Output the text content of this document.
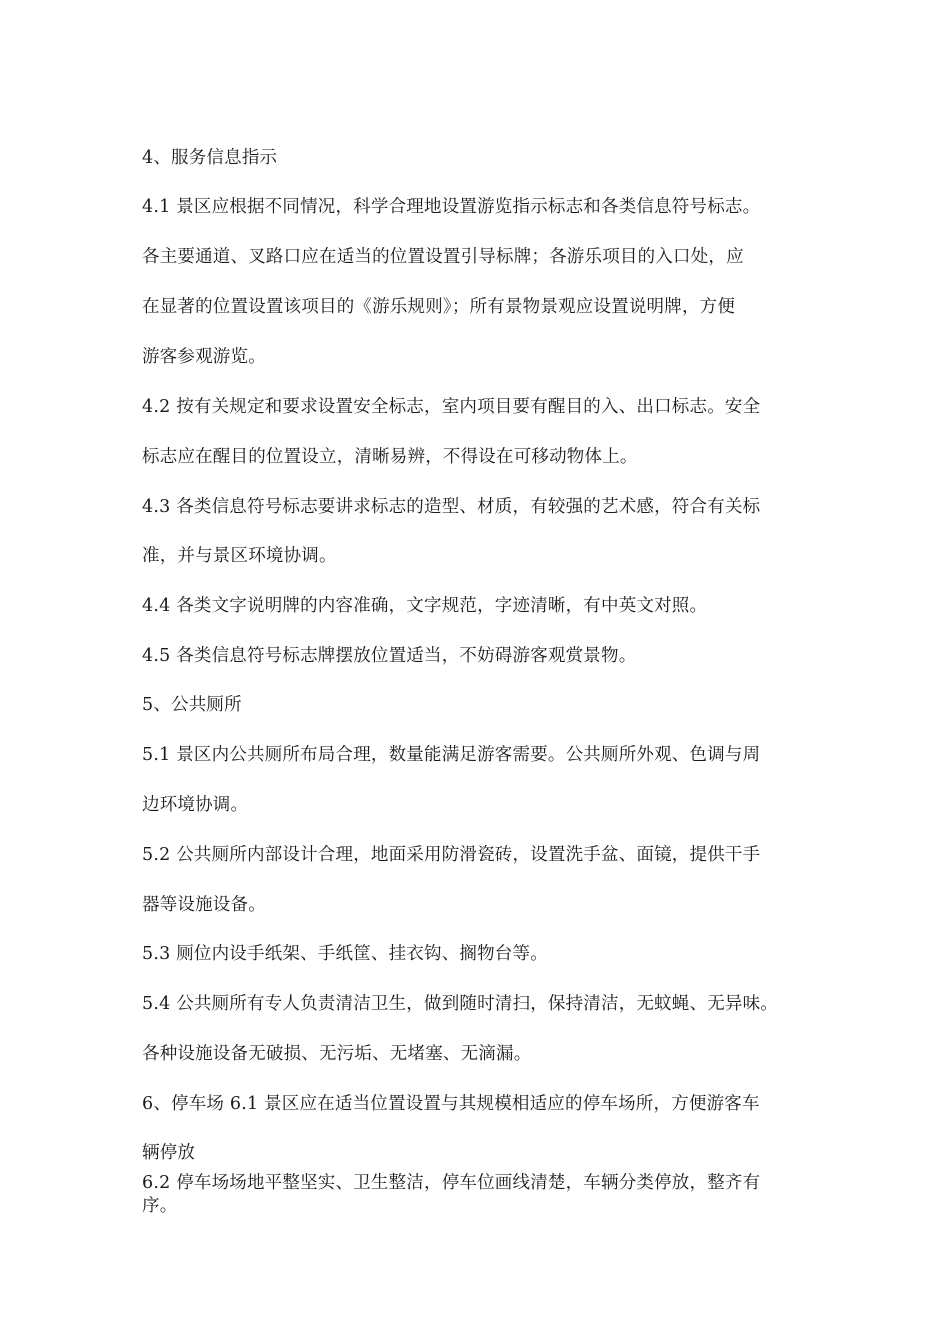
4、服务信息指示
4.1 景区应根据不同情况，科学合理地设置游览指示标志和各类信息符号标志。
各主要通道、叉路口应在适当的位置设置引导标牌；各游乐项目的入口处，应
在显著的位置设置该项目的《游乐规则》；所有景物景观应设置说明牌，方便
游客参观游览。
4.2 按有关规定和要求设置安全标志，室内项目要有醒目的入、出口标志。安全
标志应在醒目的位置设立，清晰易辨，不得设在可移动物体上。
4.3 各类信息符号标志要讲求标志的造型、材质，有较强的艺术感，符合有关标
准，并与景区环境协调。
4.4 各类文字说明牌的内容准确，文字规范，字迹清晰，有中英文对照。
4.5 各类信息符号标志牌摆放位置适当，不妨碍游客观赏景物。
5、公共厕所
5.1 景区内公共厕所布局合理，数量能满足游客需要。公共厕所外观、色调与周
边环境协调。
5.2 公共厕所内部设计合理，地面采用防滑瓷砖，设置洗手盆、面镜，提供干手
器等设施设备。
5.3 厕位内设手纸架、手纸筐、挂衣钩、搁物台等。
5.4 公共厕所有专人负责清洁卫生，做到随时清扫，保持清洁，无蚊蝇、无异味。
各种设施设备无破损、无污垢、无堵塞、无滴漏。
6、停车场 6.1 景区应在适当位置设置与其规模相适应的停车场所，方便游客车
辆停放
6.2 停车场场地平整坚实、卫生整洁，停车位画线清楚，车辆分类停放，整齐有
序。
